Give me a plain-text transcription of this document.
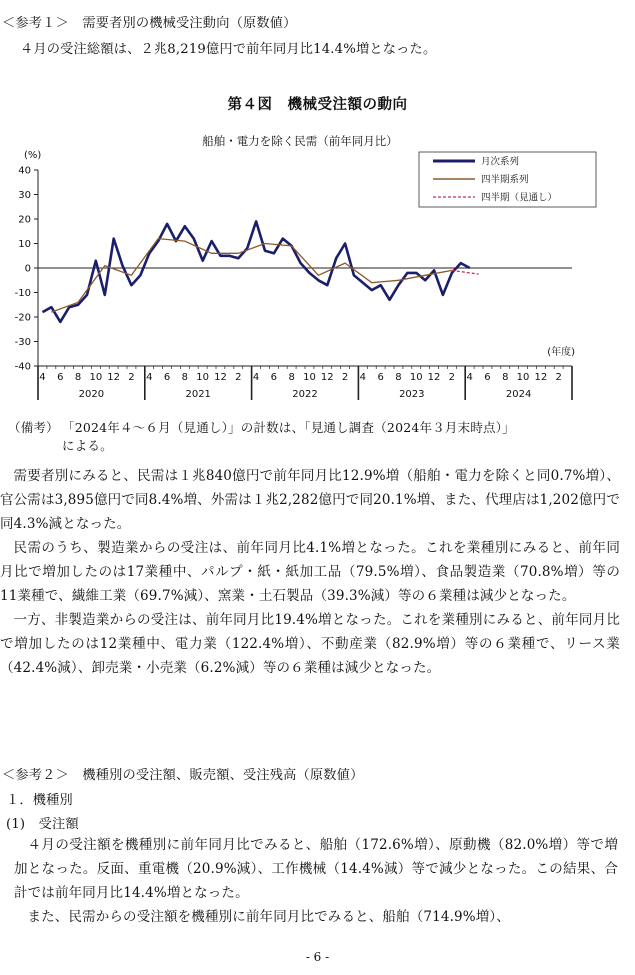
＜参考１＞　需要者別の機械受注動向（原数値）
４月の受注総額は、２兆8,219億円で前年同月比14.4%増となった。
第４図　機械受注額の動向
船舶・電力を除く民需（前年同月比）
(%)
40
30
20
10
0
-10
-20
-30
-40
4 6 8 10 12 2 4 6 8 10 12 2 4 6 8 10 12 2 4 6 8 10 12 2 4 6 8 10 12 2
2020	2021	2022	2023	2024
(年度)
月次系列
四半期系列
四半期（見通し）
（備考） 「2024年４～６月（見通し）」の計数は、「見通し調査（2024年３月末時点）」
による。

需要者別にみると、民需は１兆840億円で前年同月比12.9%増（船舶・電力を除くと同0.7%増）、官公需は3,895億円で同8.4%増、外需は１兆2,282億円で同20.1%増、また、代理店は1,202億円で同4.3%減となった。

民需のうち、製造業からの受注は、前年同月比4.1%増となった。これを業種別にみると、前年同月比で増加したのは17業種中、パルプ・紙・紙加工品（79.5%増）、食品製造業（70.8%増）等の11業種で、繊維工業（69.7%減）、窯業・土石製品（39.3%減）等の６業種は減少となった。

一方、非製造業からの受注は、前年同月比19.4%増となった。これを業種別にみると、前年同月比で増加したのは12業種中、電力業（122.4%増）、不動産業（82.9%増）等の６業種で、リース業（42.4%減）、卸売業・小売業（6.2%減）等の６業種は減少となった。

＜参考２＞　機種別の受注額、販売額、受注残高（原数値）
１．機種別
(1)　受注額

４月の受注額を機種別に前年同月比でみると、船舶（172.6%増）、原動機（82.0%増）等で増加となった。反面、重電機（20.9%減）、工作機械（14.4%減）等で減少となった。この結果、合計では前年同月比14.4%増となった。

また、民需からの受注額を機種別に前年同月比でみると、船舶（714.9%増）、

- 6 -
